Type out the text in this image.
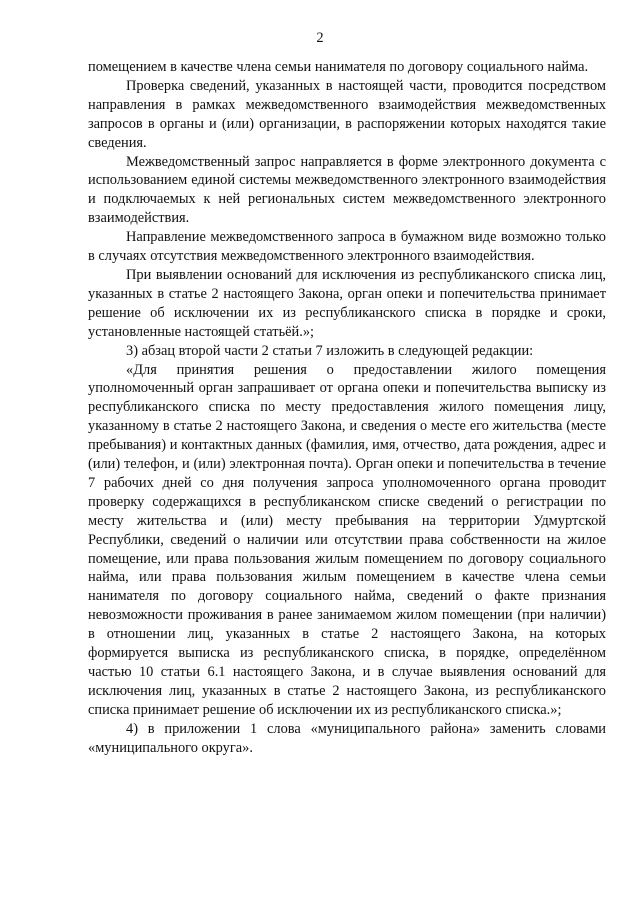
2

помещением в качестве члена семьи нанимателя по договору социального найма.

Проверка сведений, указанных в настоящей части, проводится посредством направления в рамках межведомственного взаимодействия межведомственных запросов в органы и (или) организации, в распоряжении которых находятся такие сведения.

Межведомственный запрос направляется в форме электронного документа с использованием единой системы межведомственного электронного взаимодействия и подключаемых к ней региональных систем межведомственного электронного взаимодействия.

Направление межведомственного запроса в бумажном виде возможно только в случаях отсутствия межведомственного электронного взаимодействия.

При выявлении оснований для исключения из республиканского списка лиц, указанных в статье 2 настоящего Закона, орган опеки и попечительства принимает решение об исключении их из республиканского списка в порядке и сроки, установленные настоящей статьёй.»;

3) абзац второй части 2 статьи 7 изложить в следующей редакции:

«Для принятия решения о предоставлении жилого помещения уполномоченный орган запрашивает от органа опеки и попечительства выписку из республиканского списка по месту предоставления жилого помещения лицу, указанному в статье 2 настоящего Закона, и сведения о месте его жительства (месте пребывания) и контактных данных (фамилия, имя, отчество, дата рождения, адрес и (или) телефон, и (или) электронная почта). Орган опеки и попечительства в течение 7 рабочих дней со дня получения запроса уполномоченного органа проводит проверку содержащихся в республиканском списке сведений о регистрации по месту жительства и (или) месту пребывания на территории Удмуртской Республики, сведений о наличии или отсутствии права собственности на жилое помещение, или права пользования жилым помещением по договору социального найма, или права пользования жилым помещением в качестве члена семьи нанимателя по договору социального найма, сведений о факте признания невозможности проживания в ранее занимаемом жилом помещении (при наличии) в отношении лиц, указанных в статье 2 настоящего Закона, на которых формируется выписка из республиканского списка, в порядке, определённом частью 10 статьи 6.1 настоящего Закона, и в случае выявления оснований для исключения лиц, указанных в статье 2 настоящего Закона, из республиканского списка принимает решение об исключении их из республиканского списка.»;

4) в приложении 1 слова «муниципального района» заменить словами «муниципального округа».
